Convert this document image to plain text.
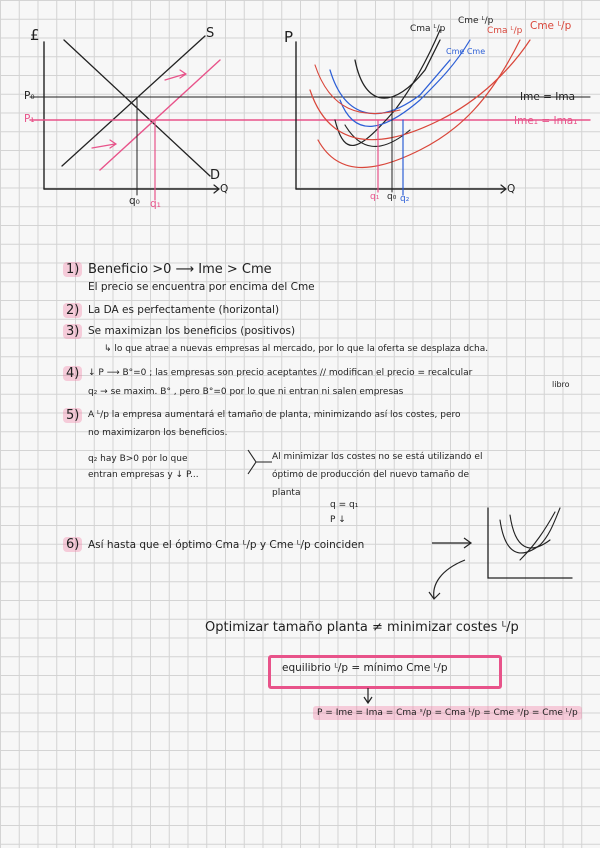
£
P₀
P₁
S
D
Q
q₀ q₁
P	Cma ᴸ/p
Cme ᴸ/p
Cme Cme
Cma ᴸ/p Cme ᴸ/p
Ime = Ima
Ime₁ = Ima₁
Q
q₁ q₀ q₂
1) Beneficio >0 ⟶ Ime > Cme
El precio se encuentra por encima del Cme
2) La DA es perfectamente (horizontal)
3) Se maximizan los beneficios (positivos)
↳ lo que atrae a nuevas empresas al mercado, por lo que la oferta se desplaza dcha.
4) ↓ P ⟶ B°=0 ; las empresas son precio aceptantes // modifican el precio = recalcular
libro
q₂ → se maxim. B° , pero B°=0 por lo que ni entran ni salen empresas
5) A ᴸ/p la empresa aumentará el tamaño de planta, minimizando así los costes, pero
no maximizaron los beneficios.
q₂ hay B>0 por lo que
entran empresas y ↓ P...
Al minimizar los costes no se está utilizando el
óptimo de producción del nuevo tamaño de
planta
q = q₁
P ↓
6) Así hasta que el óptimo Cma ᴸ/p y Cme ᴸ/p coinciden
Optimizar tamaño planta ≠ minimizar costes ᴸ/p
equilibrio ᴸ/p = mínimo Cme ᴸ/p
P = Ime = Ima = Cma ˢ/p = Cma ᴸ/p = Cme ˢ/p = Cme ᴸ/p
